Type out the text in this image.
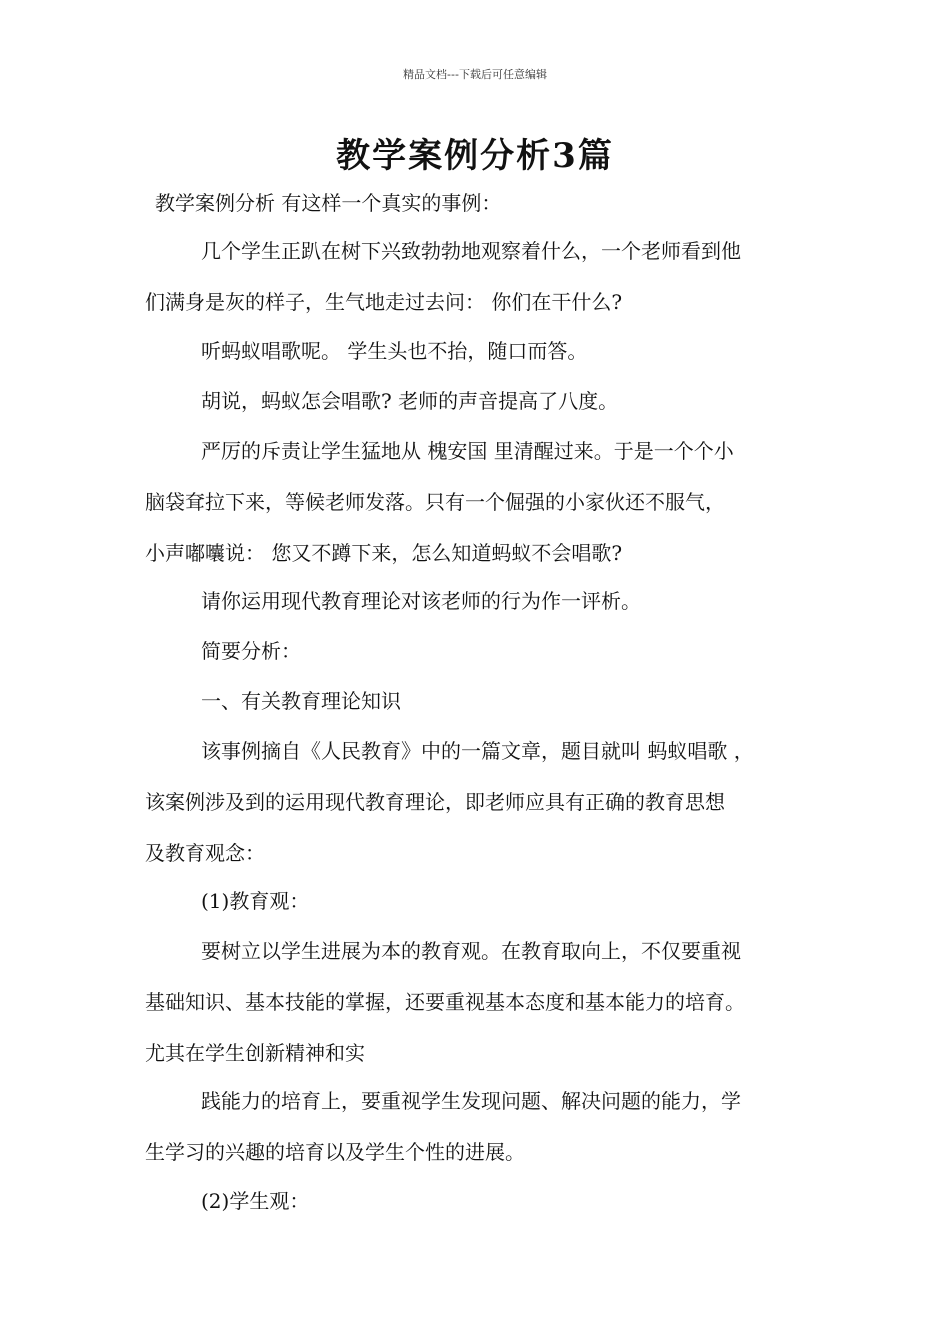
精品文档---下载后可任意编辑
教学案例分析3篇
教学案例分析 有这样一个真实的事例：
几个学生正趴在树下兴致勃勃地观察着什么，一个老师看到他
们满身是灰的样子，生气地走过去问： 你们在干什么?
听蚂蚁唱歌呢。 学生头也不抬，随口而答。
胡说，蚂蚁怎会唱歌? 老师的声音提高了八度。
严厉的斥责让学生猛地从 槐安国 里清醒过来。于是一个个小
脑袋耷拉下来，等候老师发落。只有一个倔强的小家伙还不服气，
小声嘟囔说： 您又不蹲下来，怎么知道蚂蚁不会唱歌?
请你运用现代教育理论对该老师的行为作一评析。
简要分析：
一、有关教育理论知识
该事例摘自《人民教育》中的一篇文章，题目就叫 蚂蚁唱歌 ，
该案例涉及到的运用现代教育理论，即老师应具有正确的教育思想
及教育观念：
(1)教育观：
要树立以学生进展为本的教育观。在教育取向上，不仅要重视
基础知识、基本技能的掌握，还要重视基本态度和基本能力的培育。
尤其在学生创新精神和实
践能力的培育上，要重视学生发现问题、解决问题的能力，学
生学习的兴趣的培育以及学生个性的进展。
(2)学生观：
